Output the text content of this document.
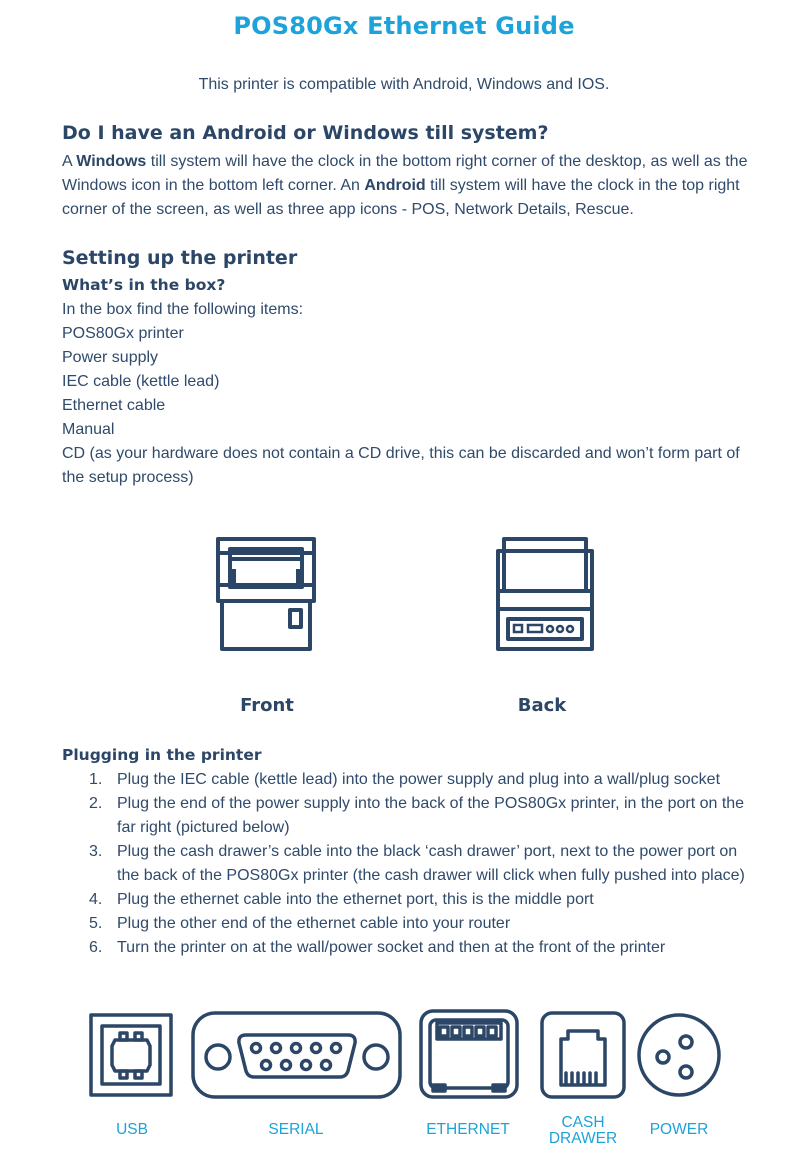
POS80Gx Ethernet Guide
This printer is compatible with Android, Windows and IOS.
Do I have an Android or Windows till system?

A Windows till system will have the clock in the bottom right corner of the desktop, as well as the Windows icon in the bottom left corner. An Android till system will have the clock in the top right corner of the screen, as well as three app icons - POS, Network Details, Rescue.

Setting up the printer
What’s in the box?
In the box find the following items:
POS80Gx printer
Power supply
IEC cable (kettle lead)
Ethernet cable
Manual
CD (as your hardware does not contain a CD drive, this can be discarded and won’t form part of the setup process)
Front	Back
Plugging in the printer
1. Plug the IEC cable (kettle lead) into the power supply and plug into a wall/plug socket
2. Plug the end of the power supply into the back of the POS80Gx printer, in the port on the far right (pictured below)
3. Plug the cash drawer’s cable into the black ‘cash drawer’ port, next to the power port on the back of the POS80Gx printer (the cash drawer will click when fully pushed into place)
4. Plug the ethernet cable into the ethernet port, this is the middle port
5. Plug the other end of the ethernet cable into your router
6. Turn the printer on at the wall/power socket and then at the front of the printer
USB	SERIAL	ETHERNET	CASH
DRAWER
POWER
